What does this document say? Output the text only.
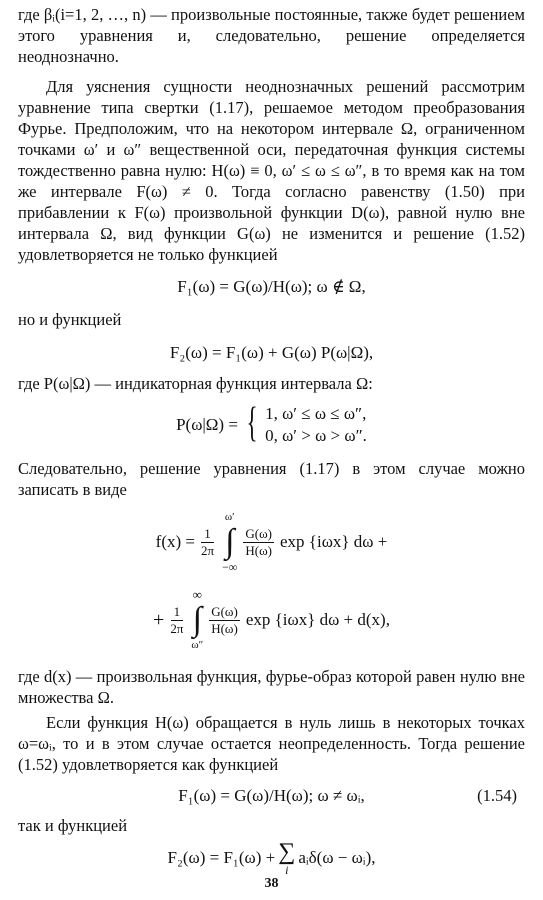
где βᵢ(i=1, 2, …, n) — произвольные постоянные, также будет решением этого уравнения и, следовательно, решение определяется неоднозначно.

Для уяснения сущности неоднозначных решений рассмотрим уравнение типа свертки (1.17), решаемое методом преобразования Фурье. Предположим, что на некотором интервале Ω, ограниченном точками ω′ и ω″ вещественной оси, передаточная функция системы тождественно равна нулю: H(ω) ≡ 0, ω′ ≤ ω ≤ ω″, в то время как на том же интервале F(ω) ≠ 0. Тогда согласно равенству (1.50) при прибавлении к F(ω) произвольной функции D(ω), равной нулю вне интервала Ω, вид функции G(ω) не изменится и решение (1.52) удовлетворяется не только функцией

F₁(ω) = G(ω)/H(ω); ω ∉ Ω,

но и функцией

F₂(ω) = F₁(ω) + G(ω) P(ω|Ω),

где P(ω|Ω) — индикаторная функция интервала Ω:

P(ω|Ω) = { 1, ω′ ≤ ω ≤ ω″,
0, ω′ > ω > ω″.

Следовательно, решение уравнения (1.17) в этом случае можно записать в виде

$f(x) = \frac{1}{2\pi}$
ω′
∫
−∞
G(ω)
H(ω) exp {iωx} dω +
+ $\frac{1}{2\pi}$
∞
∫
ω″
G(ω)
H(ω) exp {iωx} dω + d(x),

где d(x) — произвольная функция, фурье-образ которой равен нулю вне множества Ω.

Если функция H(ω) обращается в нуль лишь в некоторых точках ω=ωᵢ, то и в этом случае остается неопределенность. Тогда решение (1.52) удовлетворяется как функцией

F₁(ω) = G(ω)/H(ω); ω ≠ ωᵢ,	(1.54)

так и функцией

F₂(ω) = F₁(ω) + ∑
i
aᵢδ(ω − ωᵢ),
38
